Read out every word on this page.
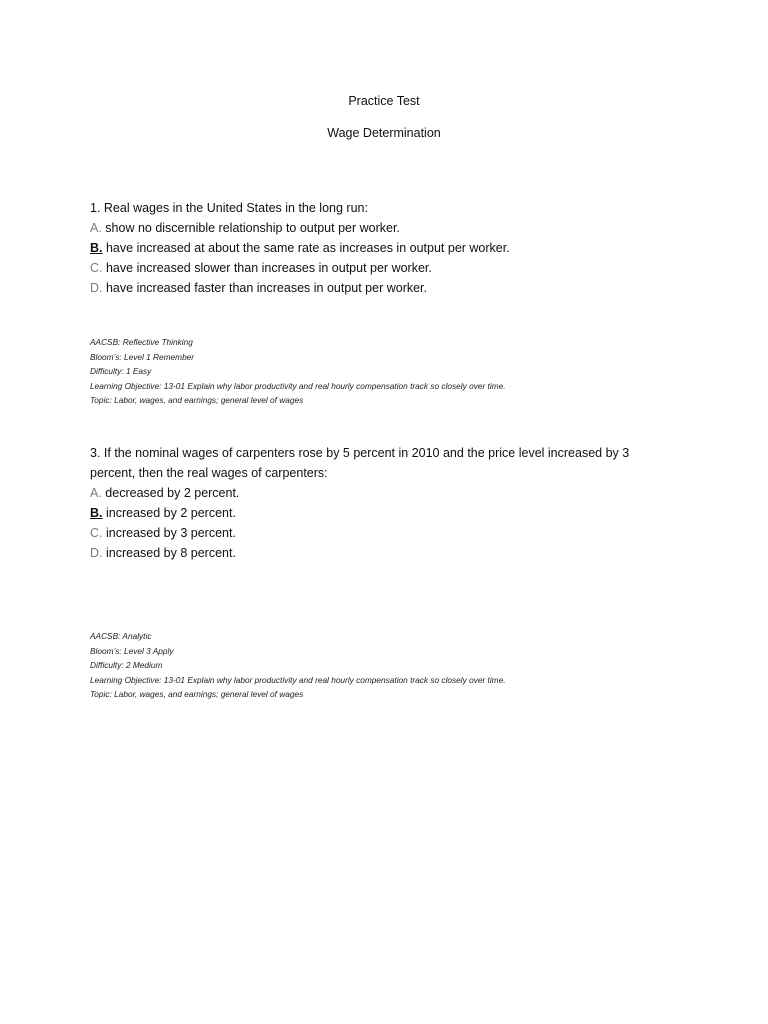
Practice Test
Wage Determination

1. Real wages in the United States in the long run:

A. show no discernible relationship to output per worker.

B. have increased at about the same rate as increases in output per worker.

C. have increased slower than increases in output per worker.

D. have increased faster than increases in output per worker.

AACSB: Reflective Thinking
Bloom’s: Level 1 Remember
Difficulty: 1 Easy
Learning Objective: 13-01 Explain why labor productivity and real hourly compensation track so closely over time.
Topic: Labor, wages, and earnings; general level of wages

3. If the nominal wages of carpenters rose by 5 percent in 2010 and the price level increased by 3 percent, then the real wages of carpenters:

A. decreased by 2 percent.

B. increased by 2 percent.

C. increased by 3 percent.

D. increased by 8 percent.

AACSB: Analytic
Bloom’s: Level 3 Apply
Difficulty: 2 Medium
Learning Objective: 13-01 Explain why labor productivity and real hourly compensation track so closely over time.
Topic: Labor, wages, and earnings; general level of wages
